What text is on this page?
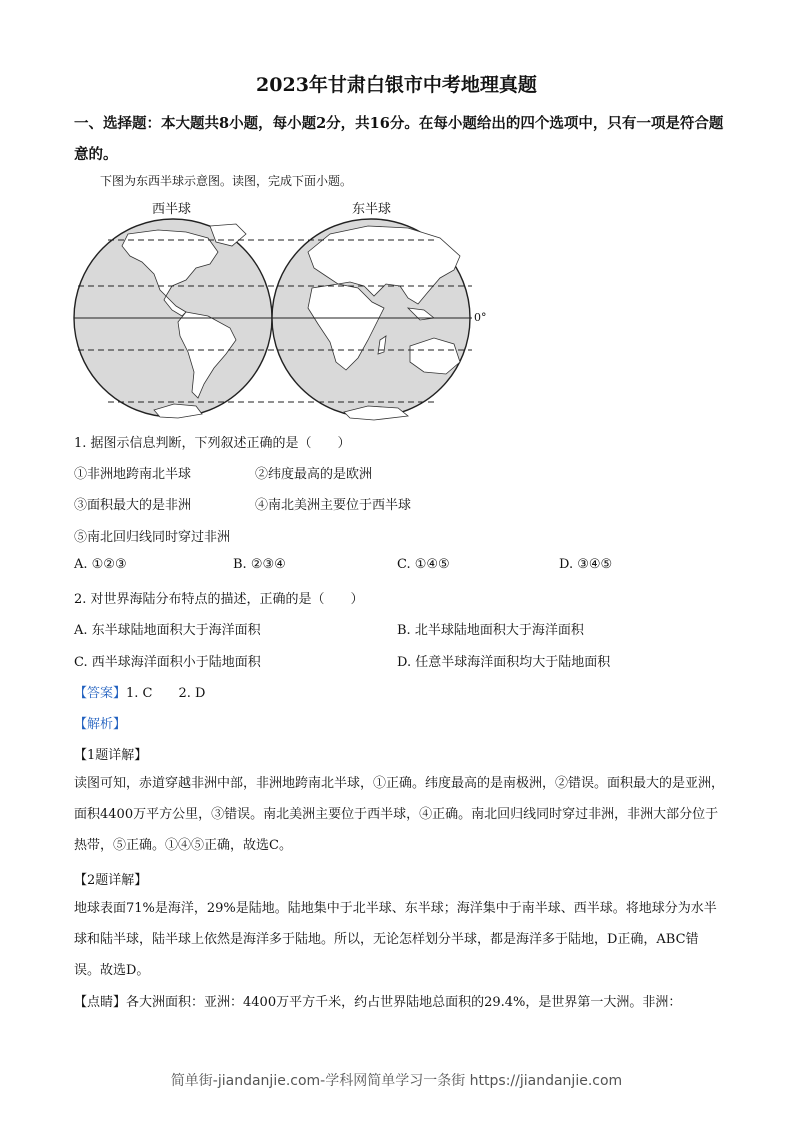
2023年甘肃白银市中考地理真题
一、选择题：本大题共8小题，每小题2分，共16分。在每小题给出的四个选项中，只有一项是符合题意的。
下图为东西半球示意图。读图，完成下面小题。
西半球	东半球
0°
1. 据图示信息判断，下列叙述正确的是（　　）
①非洲地跨南北半球	②纬度最高的是欧洲
③面积最大的是非洲	④南北美洲主要位于西半球
⑤南北回归线同时穿过非洲
A. ①②③	B. ②③④	C. ①④⑤	D. ③④⑤
2. 对世界海陆分布特点的描述，正确的是（　　）
A. 东半球陆地面积大于海洋面积	B. 北半球陆地面积大于海洋面积
C. 西半球海洋面积小于陆地面积	D. 任意半球海洋面积均大于陆地面积
【答案】1. C　　2. D
【解析】
【1题详解】
读图可知，赤道穿越非洲中部，非洲地跨南北半球，①正确。纬度最高的是南极洲，②错误。面积最大的是亚洲，　面积4400万平方公里，③错误。南北美洲主要位于西半球，④正确。南北回归线同时穿过非洲，非洲大部分位于热带，⑤正确。①④⑤正确，故选C。
【2题详解】
地球表面71%是海洋，29%是陆地。陆地集中于北半球、东半球；海洋集中于南半球、西半球。将地球分为水半球和陆半球，陆半球上依然是海洋多于陆地。所以，无论怎样划分半球，都是海洋多于陆地，D正确，ABC错误。故选D。
【点睛】各大洲面积：亚洲：4400万平方千米，约占世界陆地总面积的29.4%，是世界第一大洲。非洲：
简单街-jiandanjie.com-学科网简单学习一条街 https://jiandanjie.com
